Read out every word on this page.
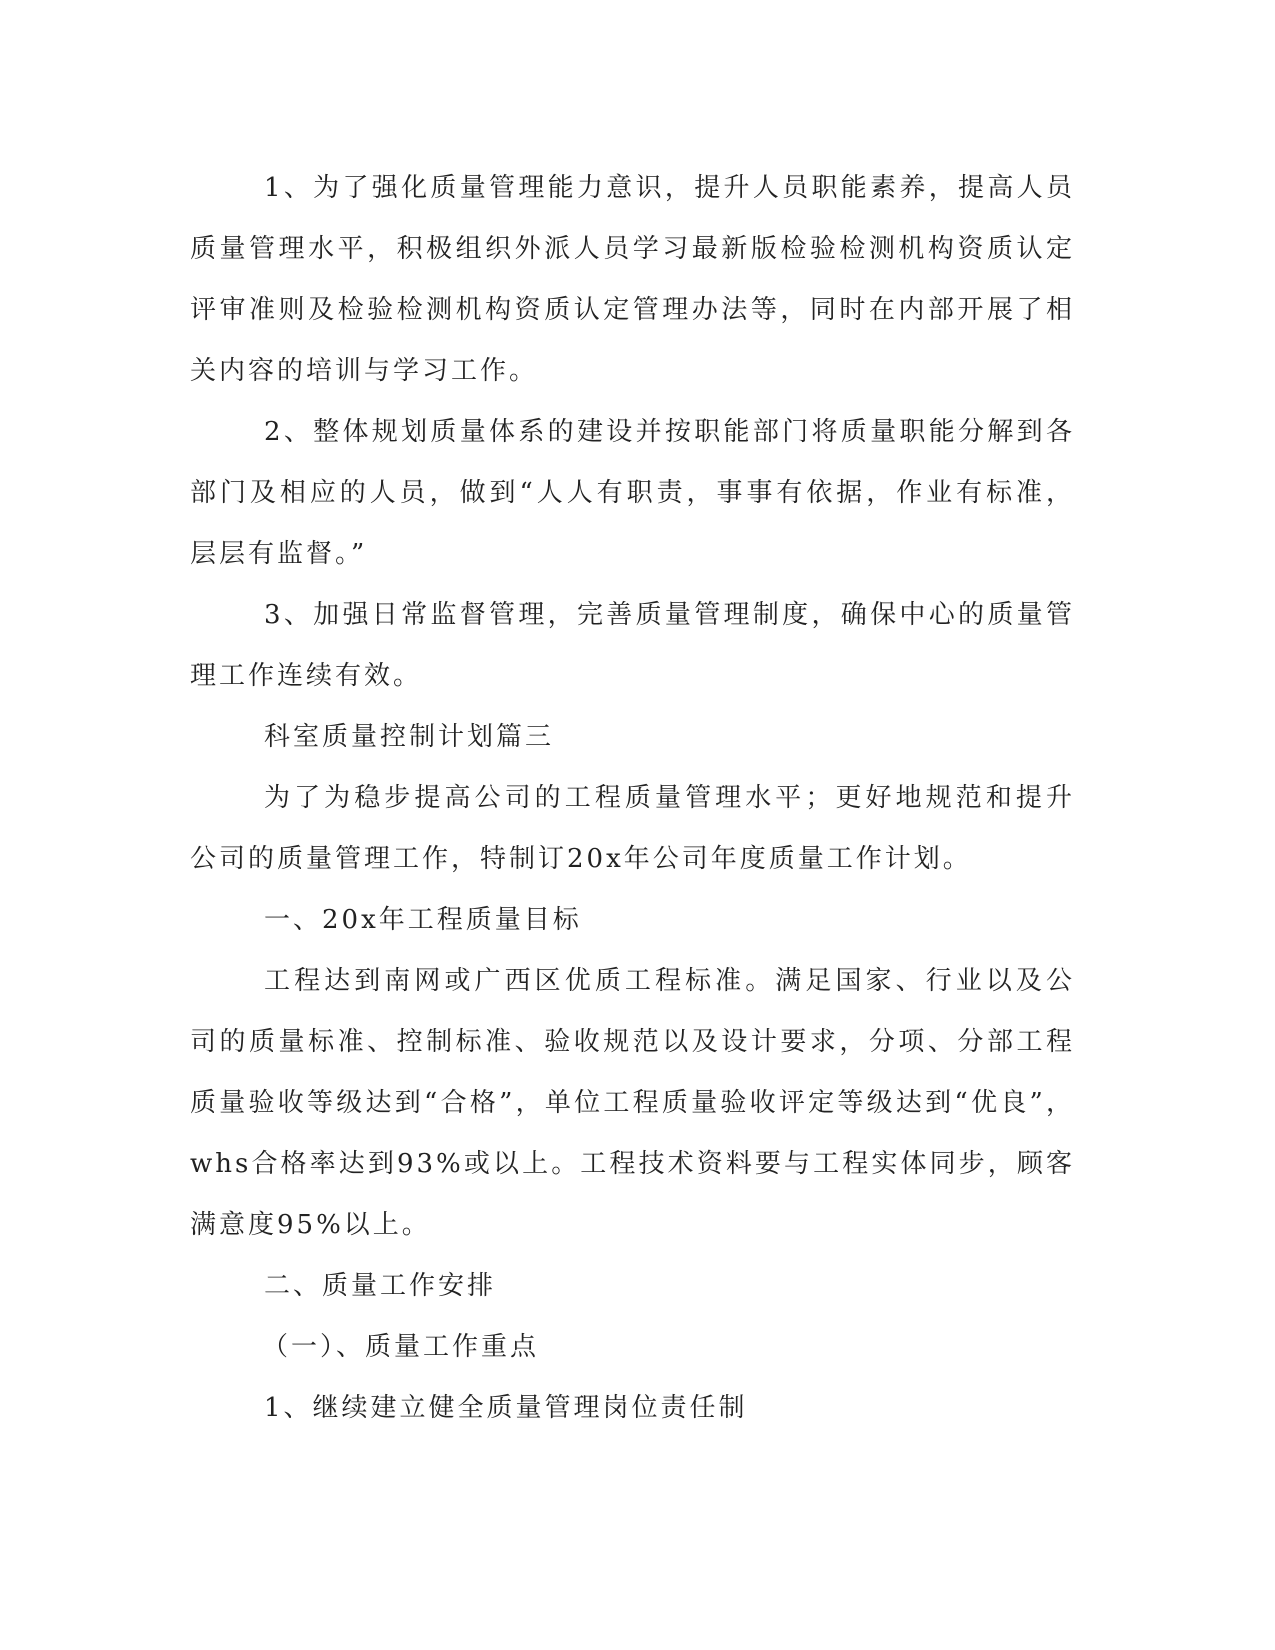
1、为了强化质量管理能力意识，提升人员职能素养，提高人员质量管理水平，积极组织外派人员学习最新版检验检测机构资质认定评审准则及检验检测机构资质认定管理办法等，同时在内部开展了相关内容的培训与学习工作。

2、整体规划质量体系的建设并按职能部门将质量职能分解到各部门及相应的人员，做到“人人有职责，事事有依据，作业有标准，层层有监督。”

3、加强日常监督管理，完善质量管理制度，确保中心的质量管理工作连续有效。

科室质量控制计划篇三

为了为稳步提高公司的工程质量管理水平；更好地规范和提升公司的质量管理工作，特制订20x年公司年度质量工作计划。

一、20x年工程质量目标

工程达到南网或广西区优质工程标准。满足国家、行业以及公司的质量标准、控制标准、验收规范以及设计要求，分项、分部工程质量验收等级达到“合格”，单位工程质量验收评定等级达到“优良”，whs合格率达到93%或以上。工程技术资料要与工程实体同步，顾客满意度95%以上。

二、质量工作安排

（一）、质量工作重点

1、继续建立健全质量管理岗位责任制
